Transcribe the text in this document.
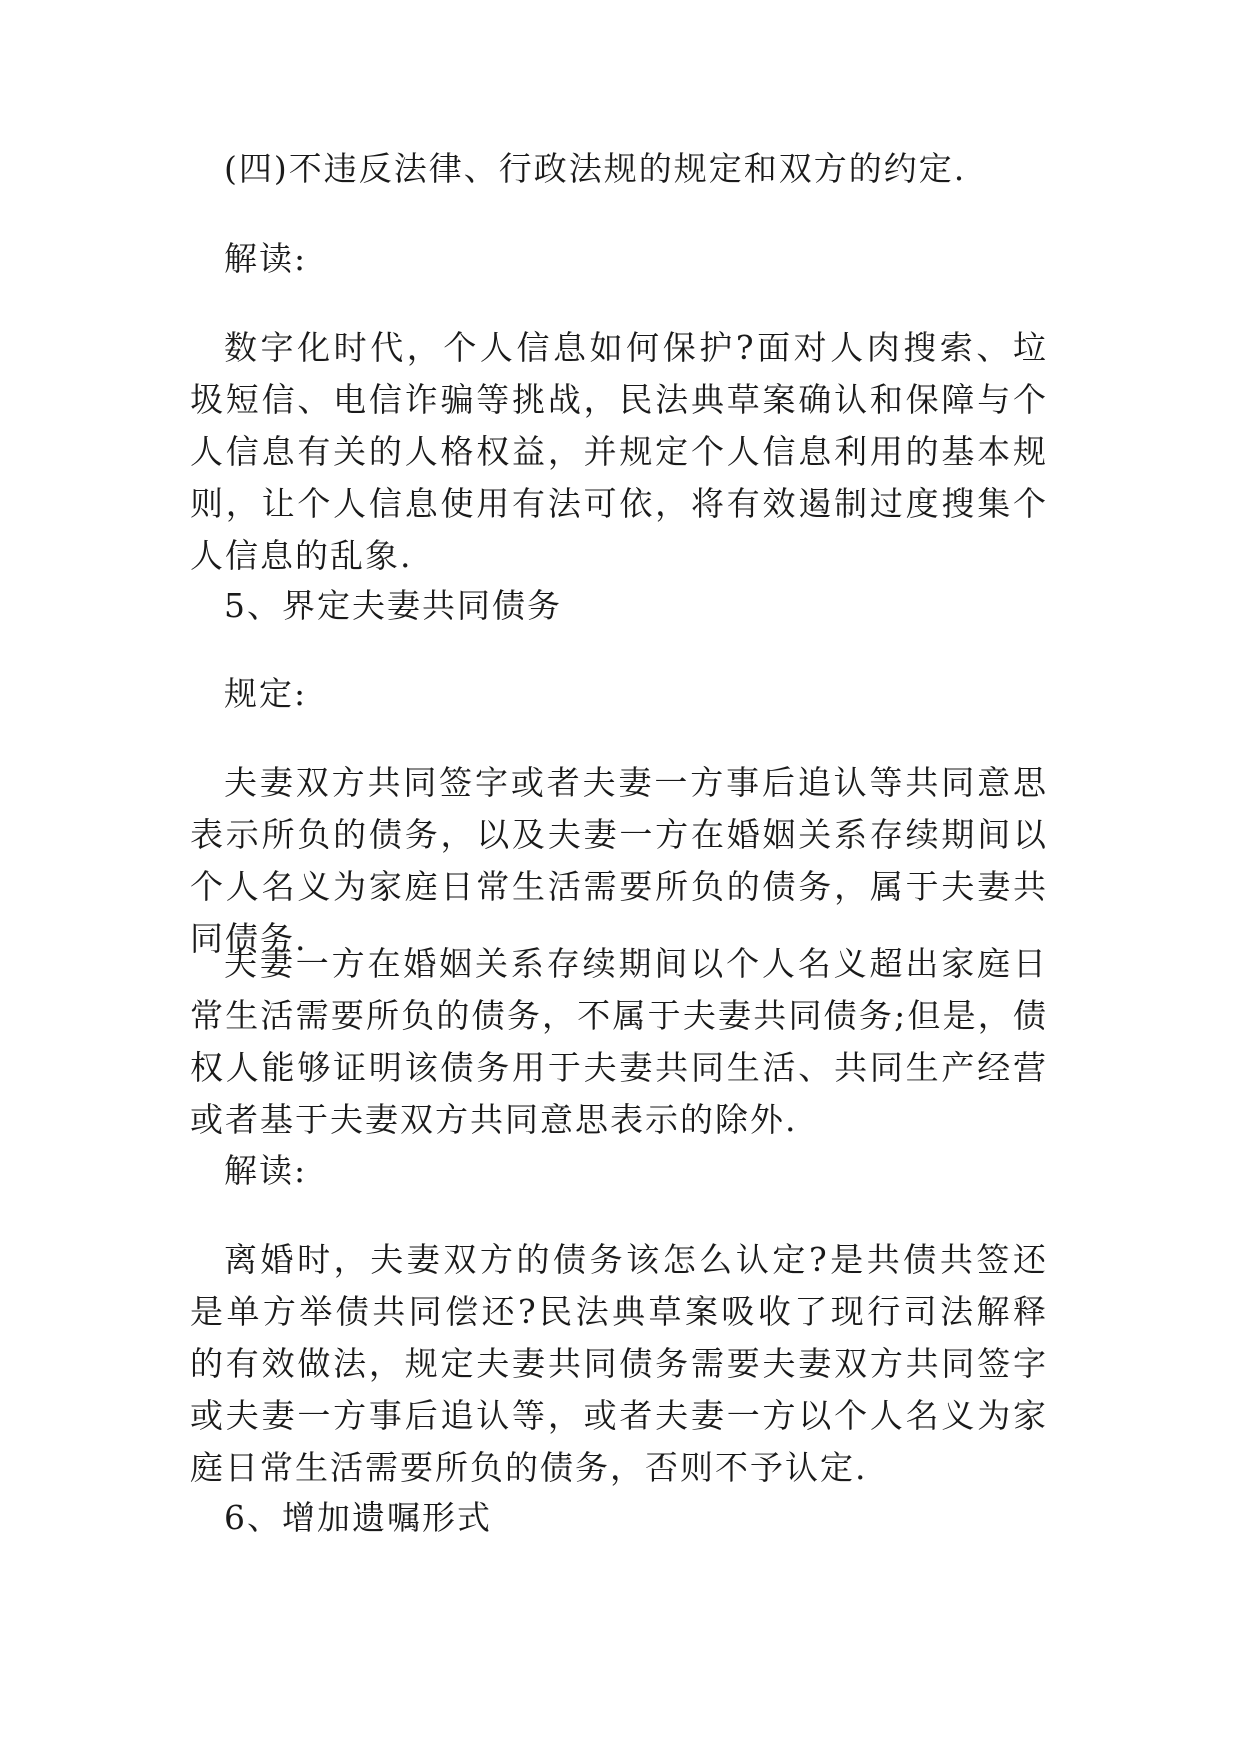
(四)不违反法律、行政法规的规定和双方的约定.

解读:

数字化时代，个人信息如何保护?面对人肉搜索、垃圾短信、电信诈骗等挑战，民法典草案确认和保障与个人信息有关的人格权益，并规定个人信息利用的基本规则，让个人信息使用有法可依，将有效遏制过度搜集个人信息的乱象.

5、界定夫妻共同债务

规定:

夫妻双方共同签字或者夫妻一方事后追认等共同意思表示所负的债务，以及夫妻一方在婚姻关系存续期间以个人名义为家庭日常生活需要所负的债务，属于夫妻共同债务.

夫妻一方在婚姻关系存续期间以个人名义超出家庭日常生活需要所负的债务，不属于夫妻共同债务;但是，债权人能够证明该债务用于夫妻共同生活、共同生产经营或者基于夫妻双方共同意思表示的除外.

解读:

离婚时，夫妻双方的债务该怎么认定?是共债共签还是单方举债共同偿还?民法典草案吸收了现行司法解释的有效做法，规定夫妻共同债务需要夫妻双方共同签字或夫妻一方事后追认等，或者夫妻一方以个人名义为家庭日常生活需要所负的债务，否则不予认定.

6、增加遗嘱形式
